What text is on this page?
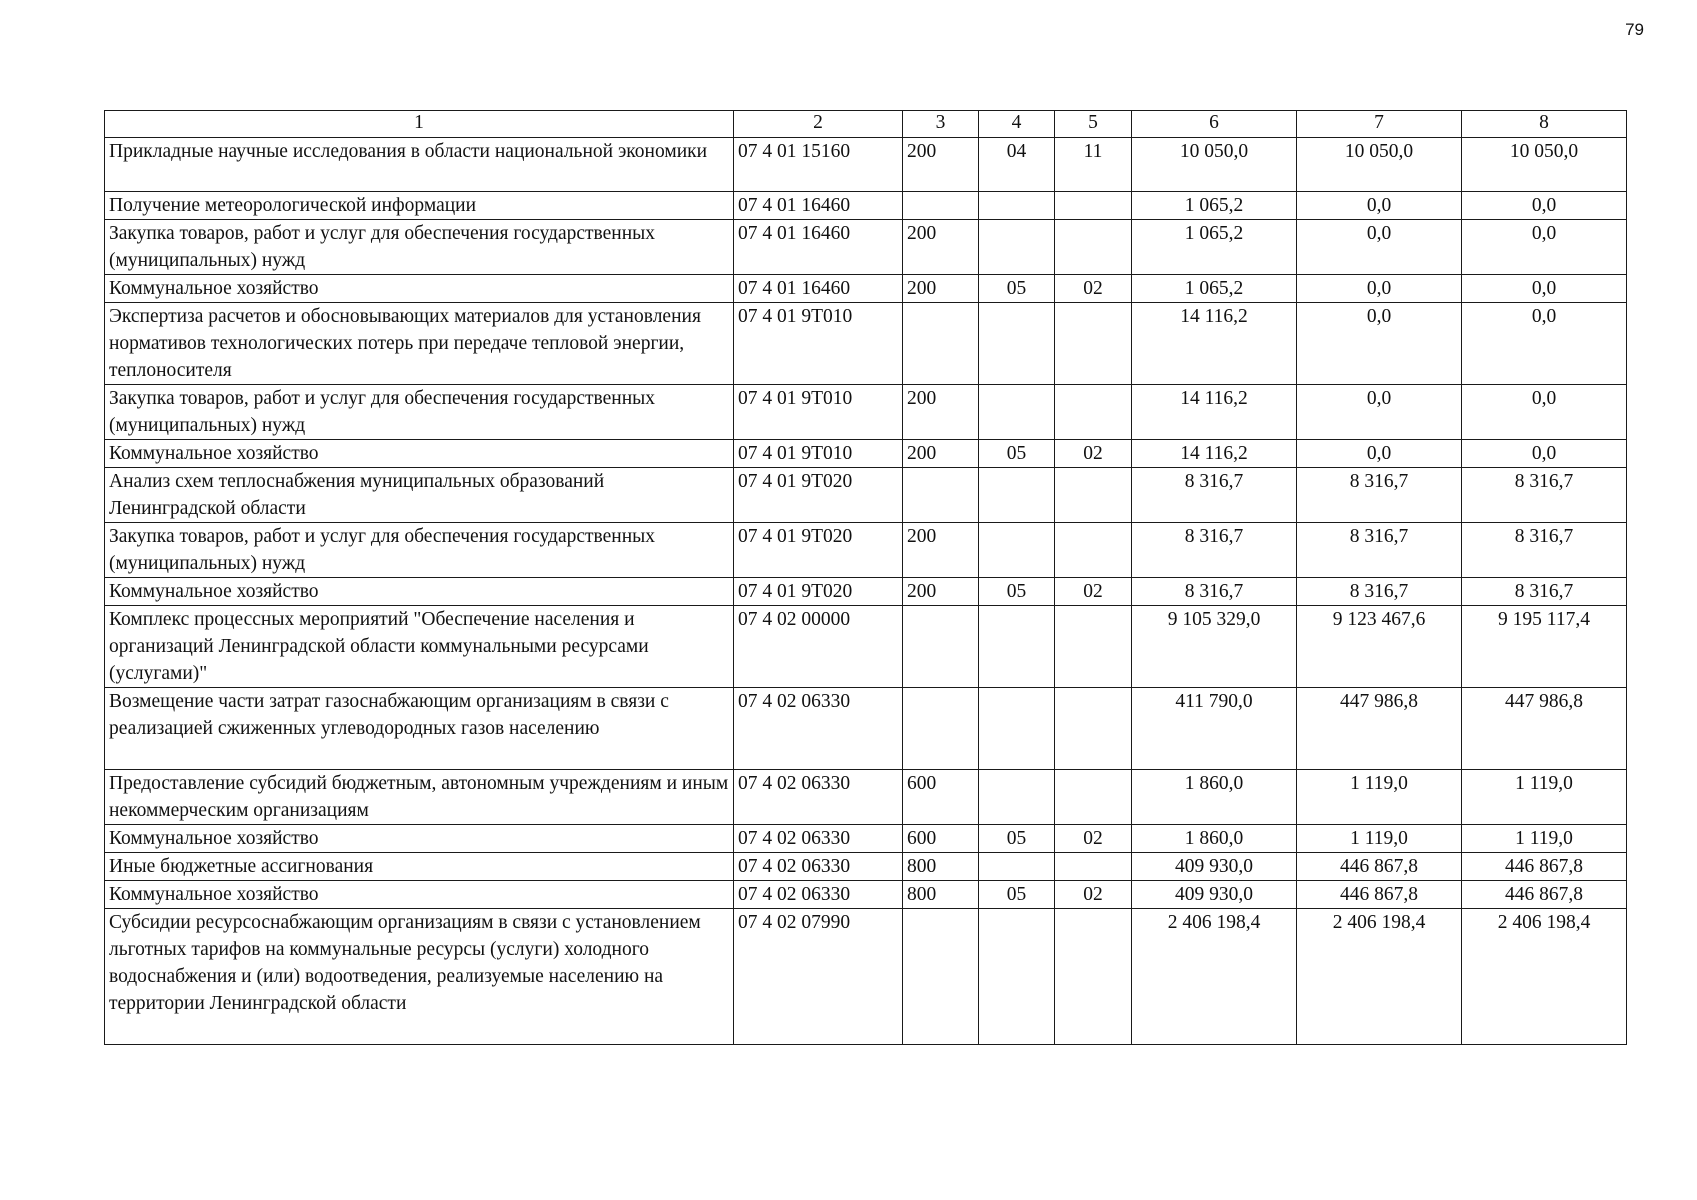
79
1	2	3	4	5	6	7	8
Прикладные научные исследования в области национальной экономики	07 4 01 15160	200	04	11	10 050,0	10 050,0	10 050,0
Получение метеорологической информации	07 4 01 16460				1 065,2	0,0	0,0
Закупка товаров, работ и услуг для обеспечения государственных (муниципальных) нужд	07 4 01 16460	200			1 065,2	0,0	0,0
Коммунальное хозяйство	07 4 01 16460	200	05	02	1 065,2	0,0	0,0
Экспертиза расчетов и обосновывающих материалов для установления нормативов технологических потерь при передаче тепловой энергии, теплоносителя	07 4 01 9Т010				14 116,2	0,0	0,0
Закупка товаров, работ и услуг для обеспечения государственных (муниципальных) нужд	07 4 01 9Т010	200			14 116,2	0,0	0,0
Коммунальное хозяйство	07 4 01 9Т010	200	05	02	14 116,2	0,0	0,0
Анализ схем теплоснабжения муниципальных образований Ленинградской области	07 4 01 9Т020				8 316,7	8 316,7	8 316,7
Закупка товаров, работ и услуг для обеспечения государственных (муниципальных) нужд	07 4 01 9Т020	200			8 316,7	8 316,7	8 316,7
Коммунальное хозяйство	07 4 01 9Т020	200	05	02	8 316,7	8 316,7	8 316,7
Комплекс процессных мероприятий "Обеспечение населения и организаций Ленинградской области коммунальными ресурсами (услугами)"	07 4 02 00000				9 105 329,0	9 123 467,6	9 195 117,4
Возмещение части затрат газоснабжающим организациям в связи с реализацией сжиженных углеводородных газов населению	07 4 02 06330				411 790,0	447 986,8	447 986,8
Предоставление субсидий бюджетным, автономным учреждениям и иным некоммерческим организациям	07 4 02 06330	600			1 860,0	1 119,0	1 119,0
Коммунальное хозяйство	07 4 02 06330	600	05	02	1 860,0	1 119,0	1 119,0
Иные бюджетные ассигнования	07 4 02 06330	800			409 930,0	446 867,8	446 867,8
Коммунальное хозяйство	07 4 02 06330	800	05	02	409 930,0	446 867,8	446 867,8
Субсидии ресурсоснабжающим организациям в связи с установлением льготных тарифов на коммунальные ресурсы (услуги) холодного водоснабжения и (или) водоотведения, реализуемые населению на территории Ленинградской области	07 4 02 07990				2 406 198,4	2 406 198,4	2 406 198,4
